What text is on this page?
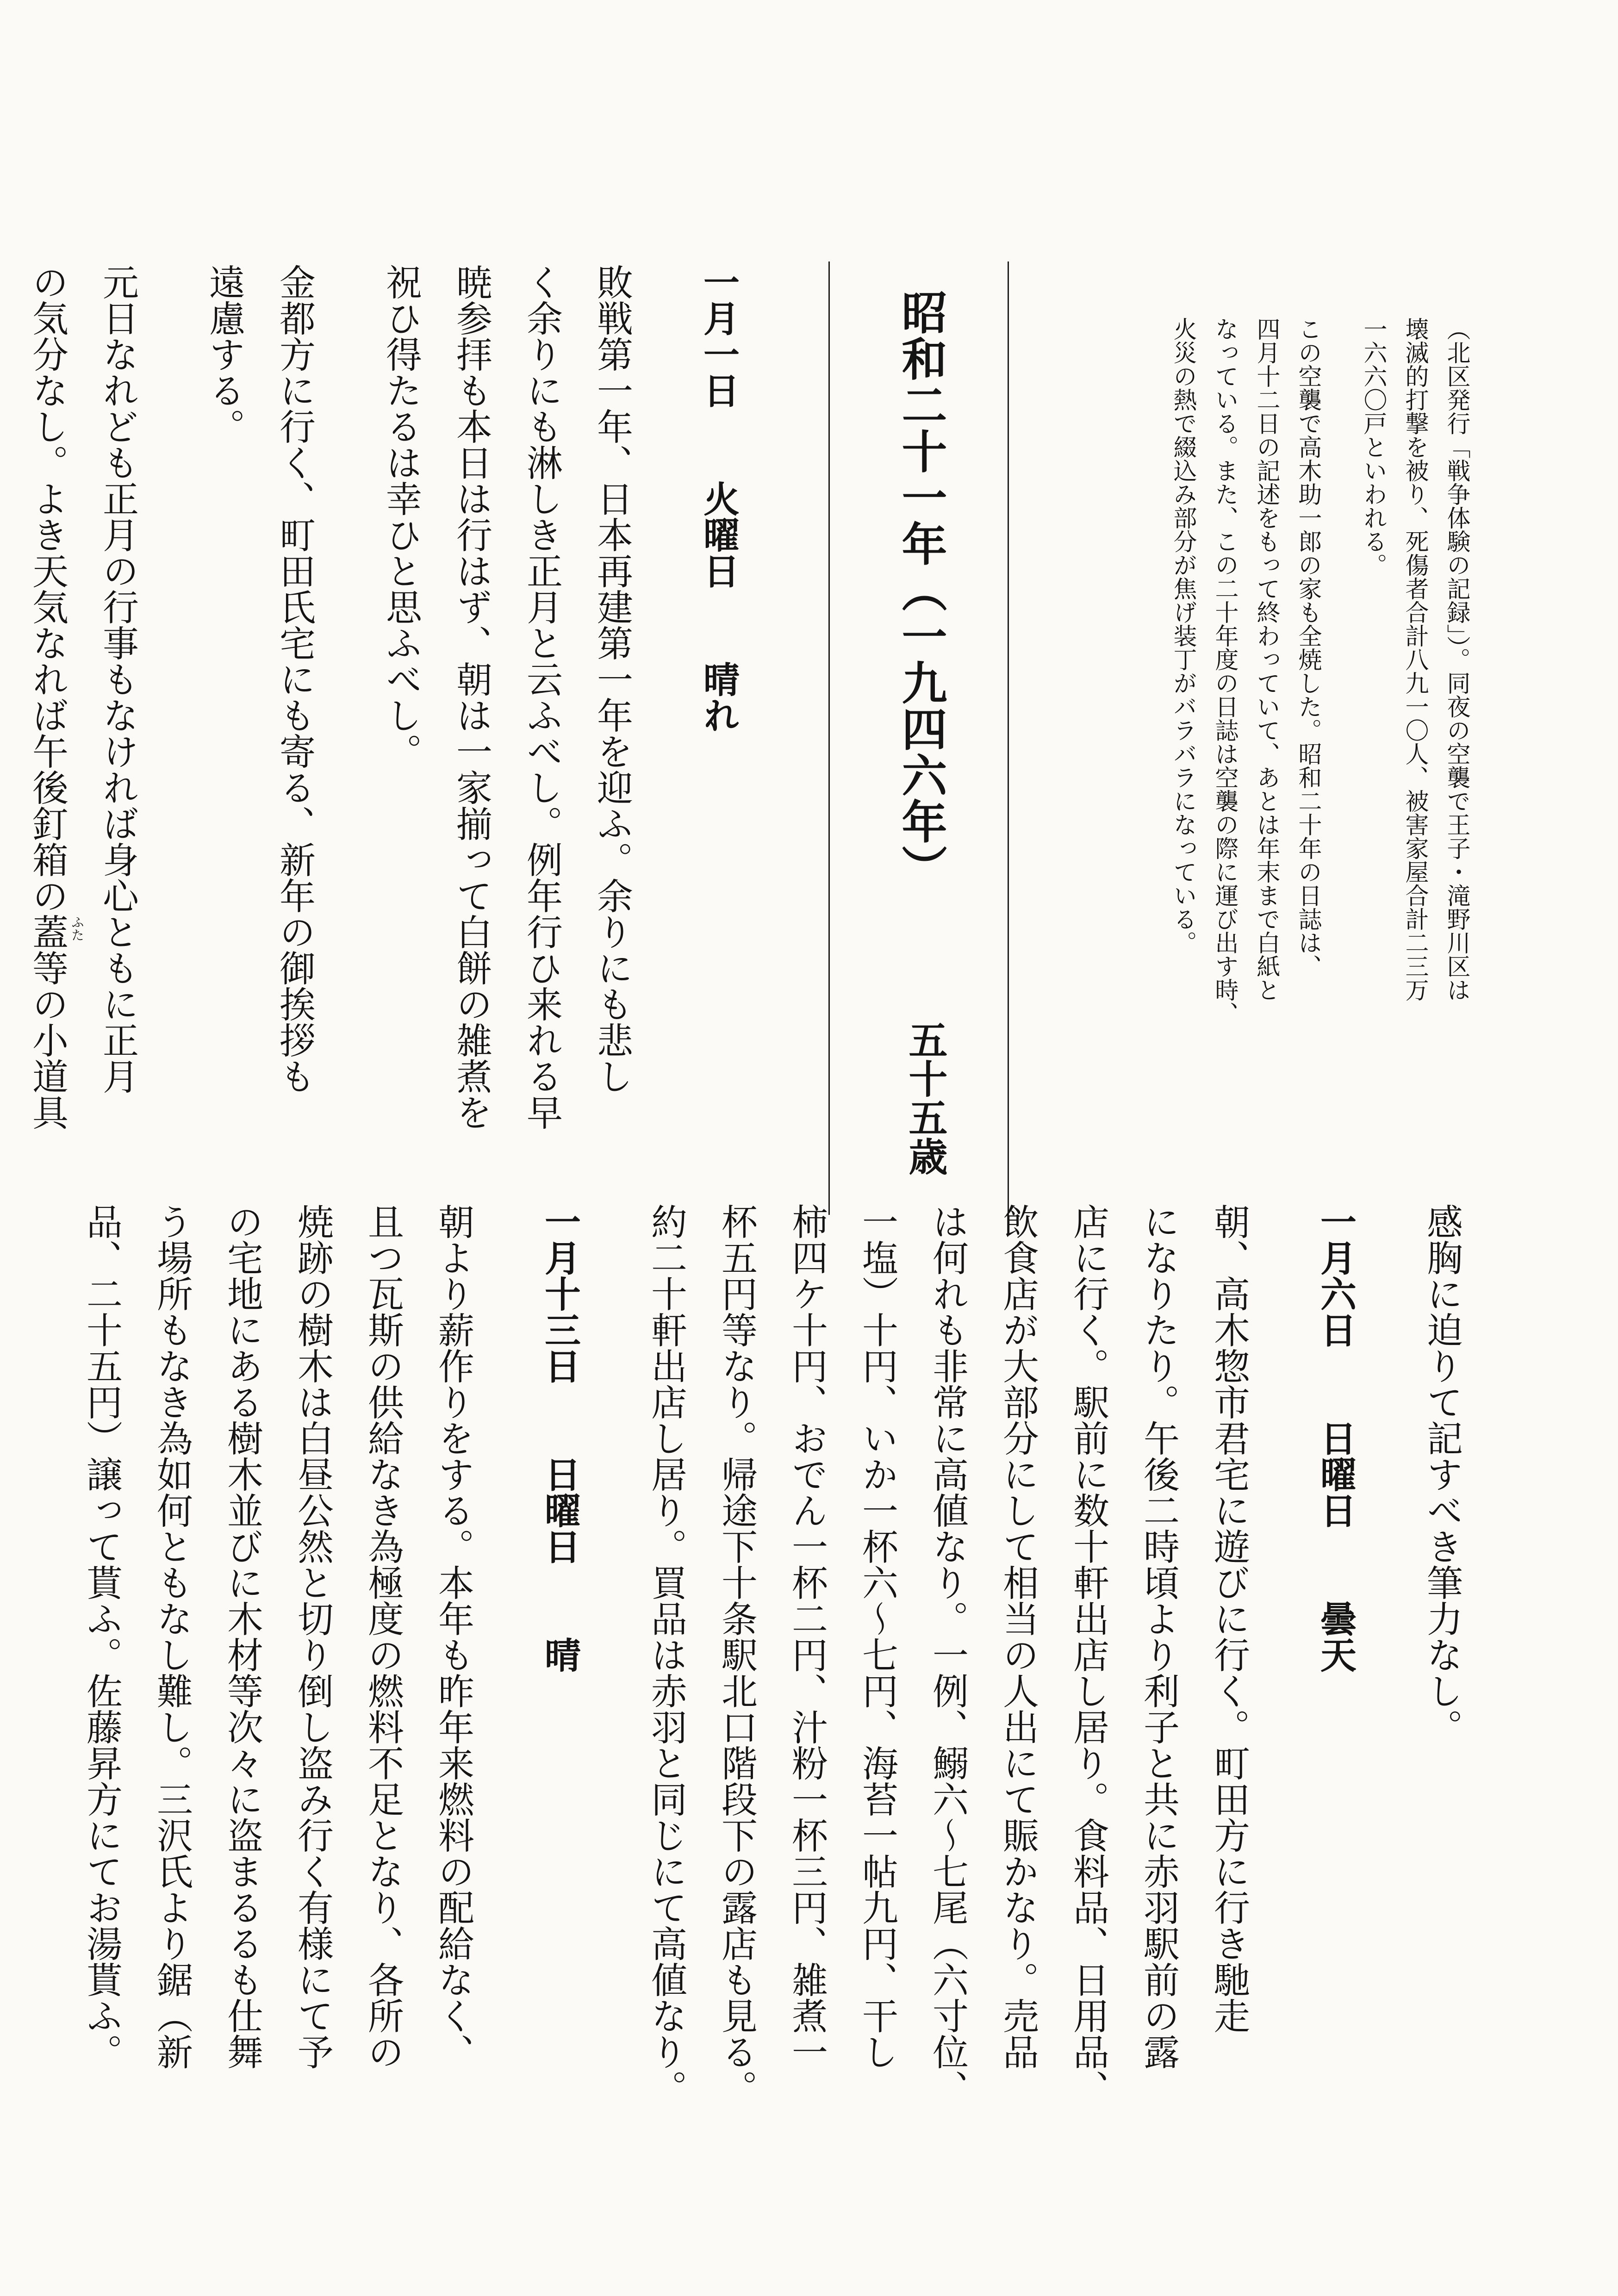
（北区発行「戦争体験の記録」）。同夜の空襲で王子・滝野川区は
壊滅的打撃を被り、死傷者合計八九一〇人、被害家屋合計二三万
一六六〇戸といわれる。
この空襲で高木助一郎の家も全焼した。昭和二十年の日誌は、
四月十二日の記述をもって終わっていて、あとは年末まで白紙と
なっている。また、この二十年度の日誌は空襲の際に運び出す時、
火災の熱で綴込み部分が焦げ装丁がバラバラになっている。
昭和二十一年（一九四六年）
五十五歳
一月一日　　火曜日　　晴れ
敗戦第一年、日本再建第一年を迎ふ。余りにも悲し
く余りにも淋しき正月と云ふべし。例年行ひ来れる早
暁参拝も本日は行はず、朝は一家揃って白餅の雑煮を
祝ひ得たるは幸ひと思ふべし。
金都方に行く、町田氏宅にも寄る、新年の御挨拶も
遠慮する。
元日なれども正月の行事もなければ身心ともに正月
の気分なし。よき天気なれば午後釘箱の蓋等の小道具
感胸に迫りて記すべき筆力なし。
一月六日　　日曜日　　曇天
朝、高木惣市君宅に遊びに行く。町田方に行き馳走
になりたり。午後二時頃より利子と共に赤羽駅前の露
店に行く。駅前に数十軒出店し居り。食料品、日用品、
飲食店が大部分にして相当の人出にて賑かなり。売品
は何れも非常に高値なり。一例、鰯六～七尾（六寸位、
一塩）十円、いか一杯六～七円、海苔一帖九円、干し
柿四ケ十円、おでん一杯二円、汁粉一杯三円、雑煮一
杯五円等なり。帰途下十条駅北口階段下の露店も見る。
約二十軒出店し居り。買品は赤羽と同じにて高値なり。
一月十三日　　日曜日　　晴
朝より薪作りをする。本年も昨年来燃料の配給なく、
且つ瓦斯の供給なき為極度の燃料不足となり、各所の
焼跡の樹木は白昼公然と切り倒し盗み行く有様にて予
の宅地にある樹木並びに木材等次々に盗まるるも仕舞
う場所もなき為如何ともなし難し。三沢氏より鋸（新
品、二十五円）譲って貰ふ。佐藤昇方にてお湯貰ふ。
ふた
